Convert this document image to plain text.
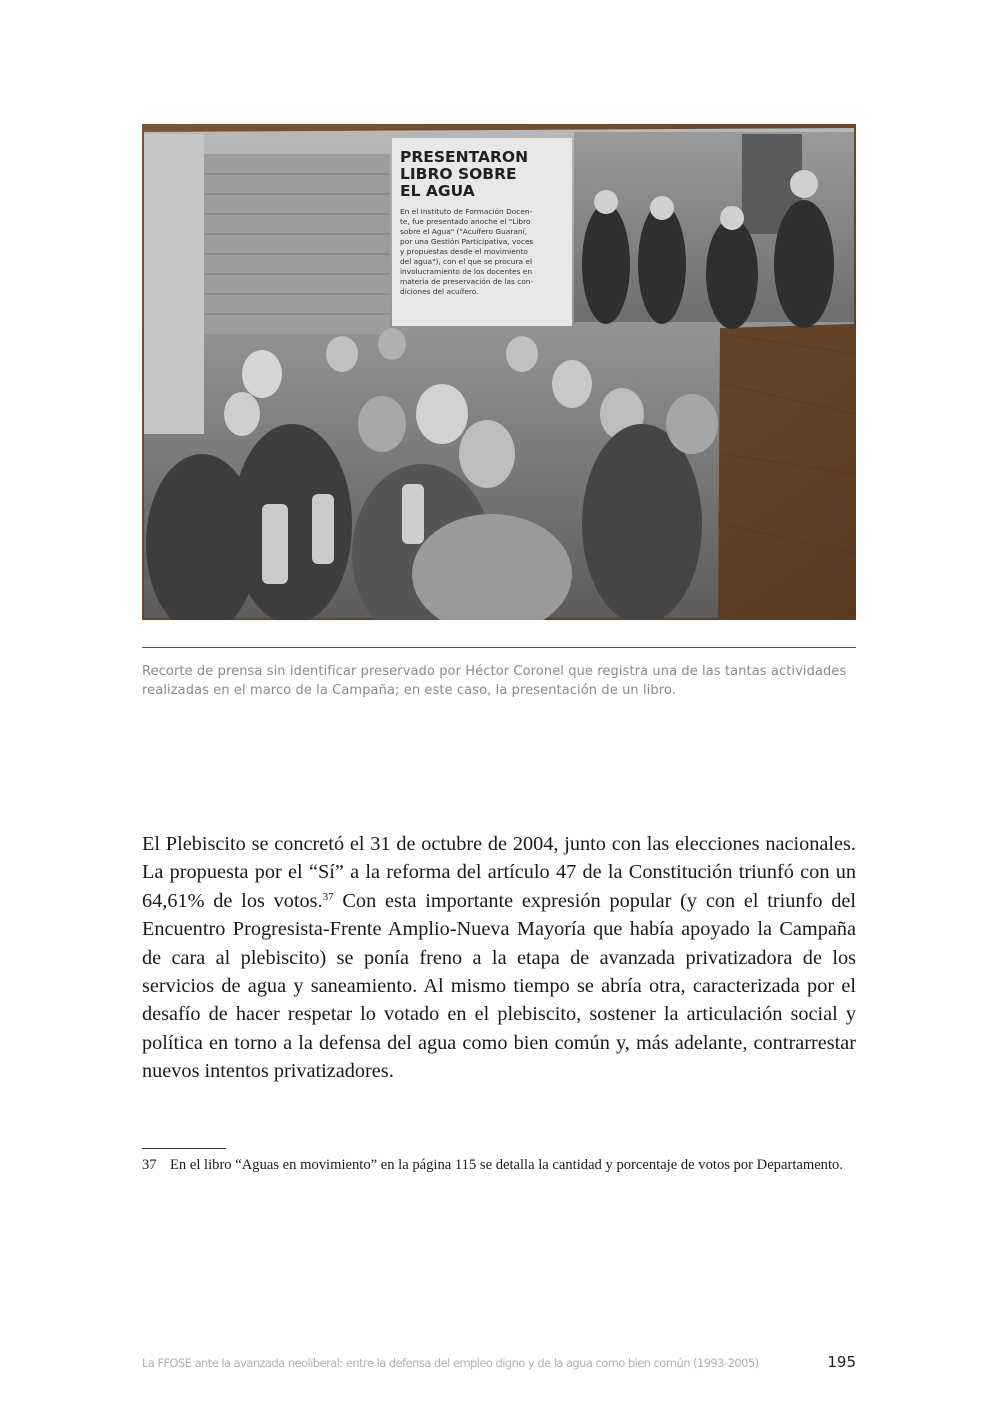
PRESENTARON
LIBRO SOBRE
EL AGUA
En el Instituto de Formación Docen-
te, fue presentado anoche el "Libro
sobre el Agua" ("Acuífero Guaraní,
por una Gestión Participativa, voces
y propuestas desde el movimiento
del agua"), con el que se procura el
involucramiento de los docentes en
materia de preservación de las con-
diciones del acuífero.
Recorte de prensa sin identificar preservado por Héctor Coronel que registra una de las tantas actividades realizadas en el marco de la Campaña; en este caso, la presentación de un libro.
El Plebiscito se concretó el 31 de octubre de 2004, junto con las elecciones nacionales. La propuesta por el “Sí” a la reforma del artículo 47 de la Constitución triunfó con un 64,61% de los votos.$^{37}$ Con esta importante expresión popular (y con el triunfo del Encuentro Progresista-Frente Amplio-Nueva Mayoría que había apoyado la Campaña de cara al plebiscito) se ponía freno a la etapa de avanzada privatizadora de los servicios de agua y saneamiento. Al mismo tiempo se abría otra, caracterizada por el desafío de hacer respetar lo votado en el plebiscito, sostener la articulación social y política en torno a la defensa del agua como bien común y, más adelante, contrarrestar nuevos intentos privatizadores.
37 En el libro “Aguas en movimiento” en la página 115 se detalla la cantidad y porcentaje de votos por Departamento.
La FFOSE ante la avanzada neoliberal: entre la defensa del empleo digno y de la agua como bien común (1993-2005)	195
